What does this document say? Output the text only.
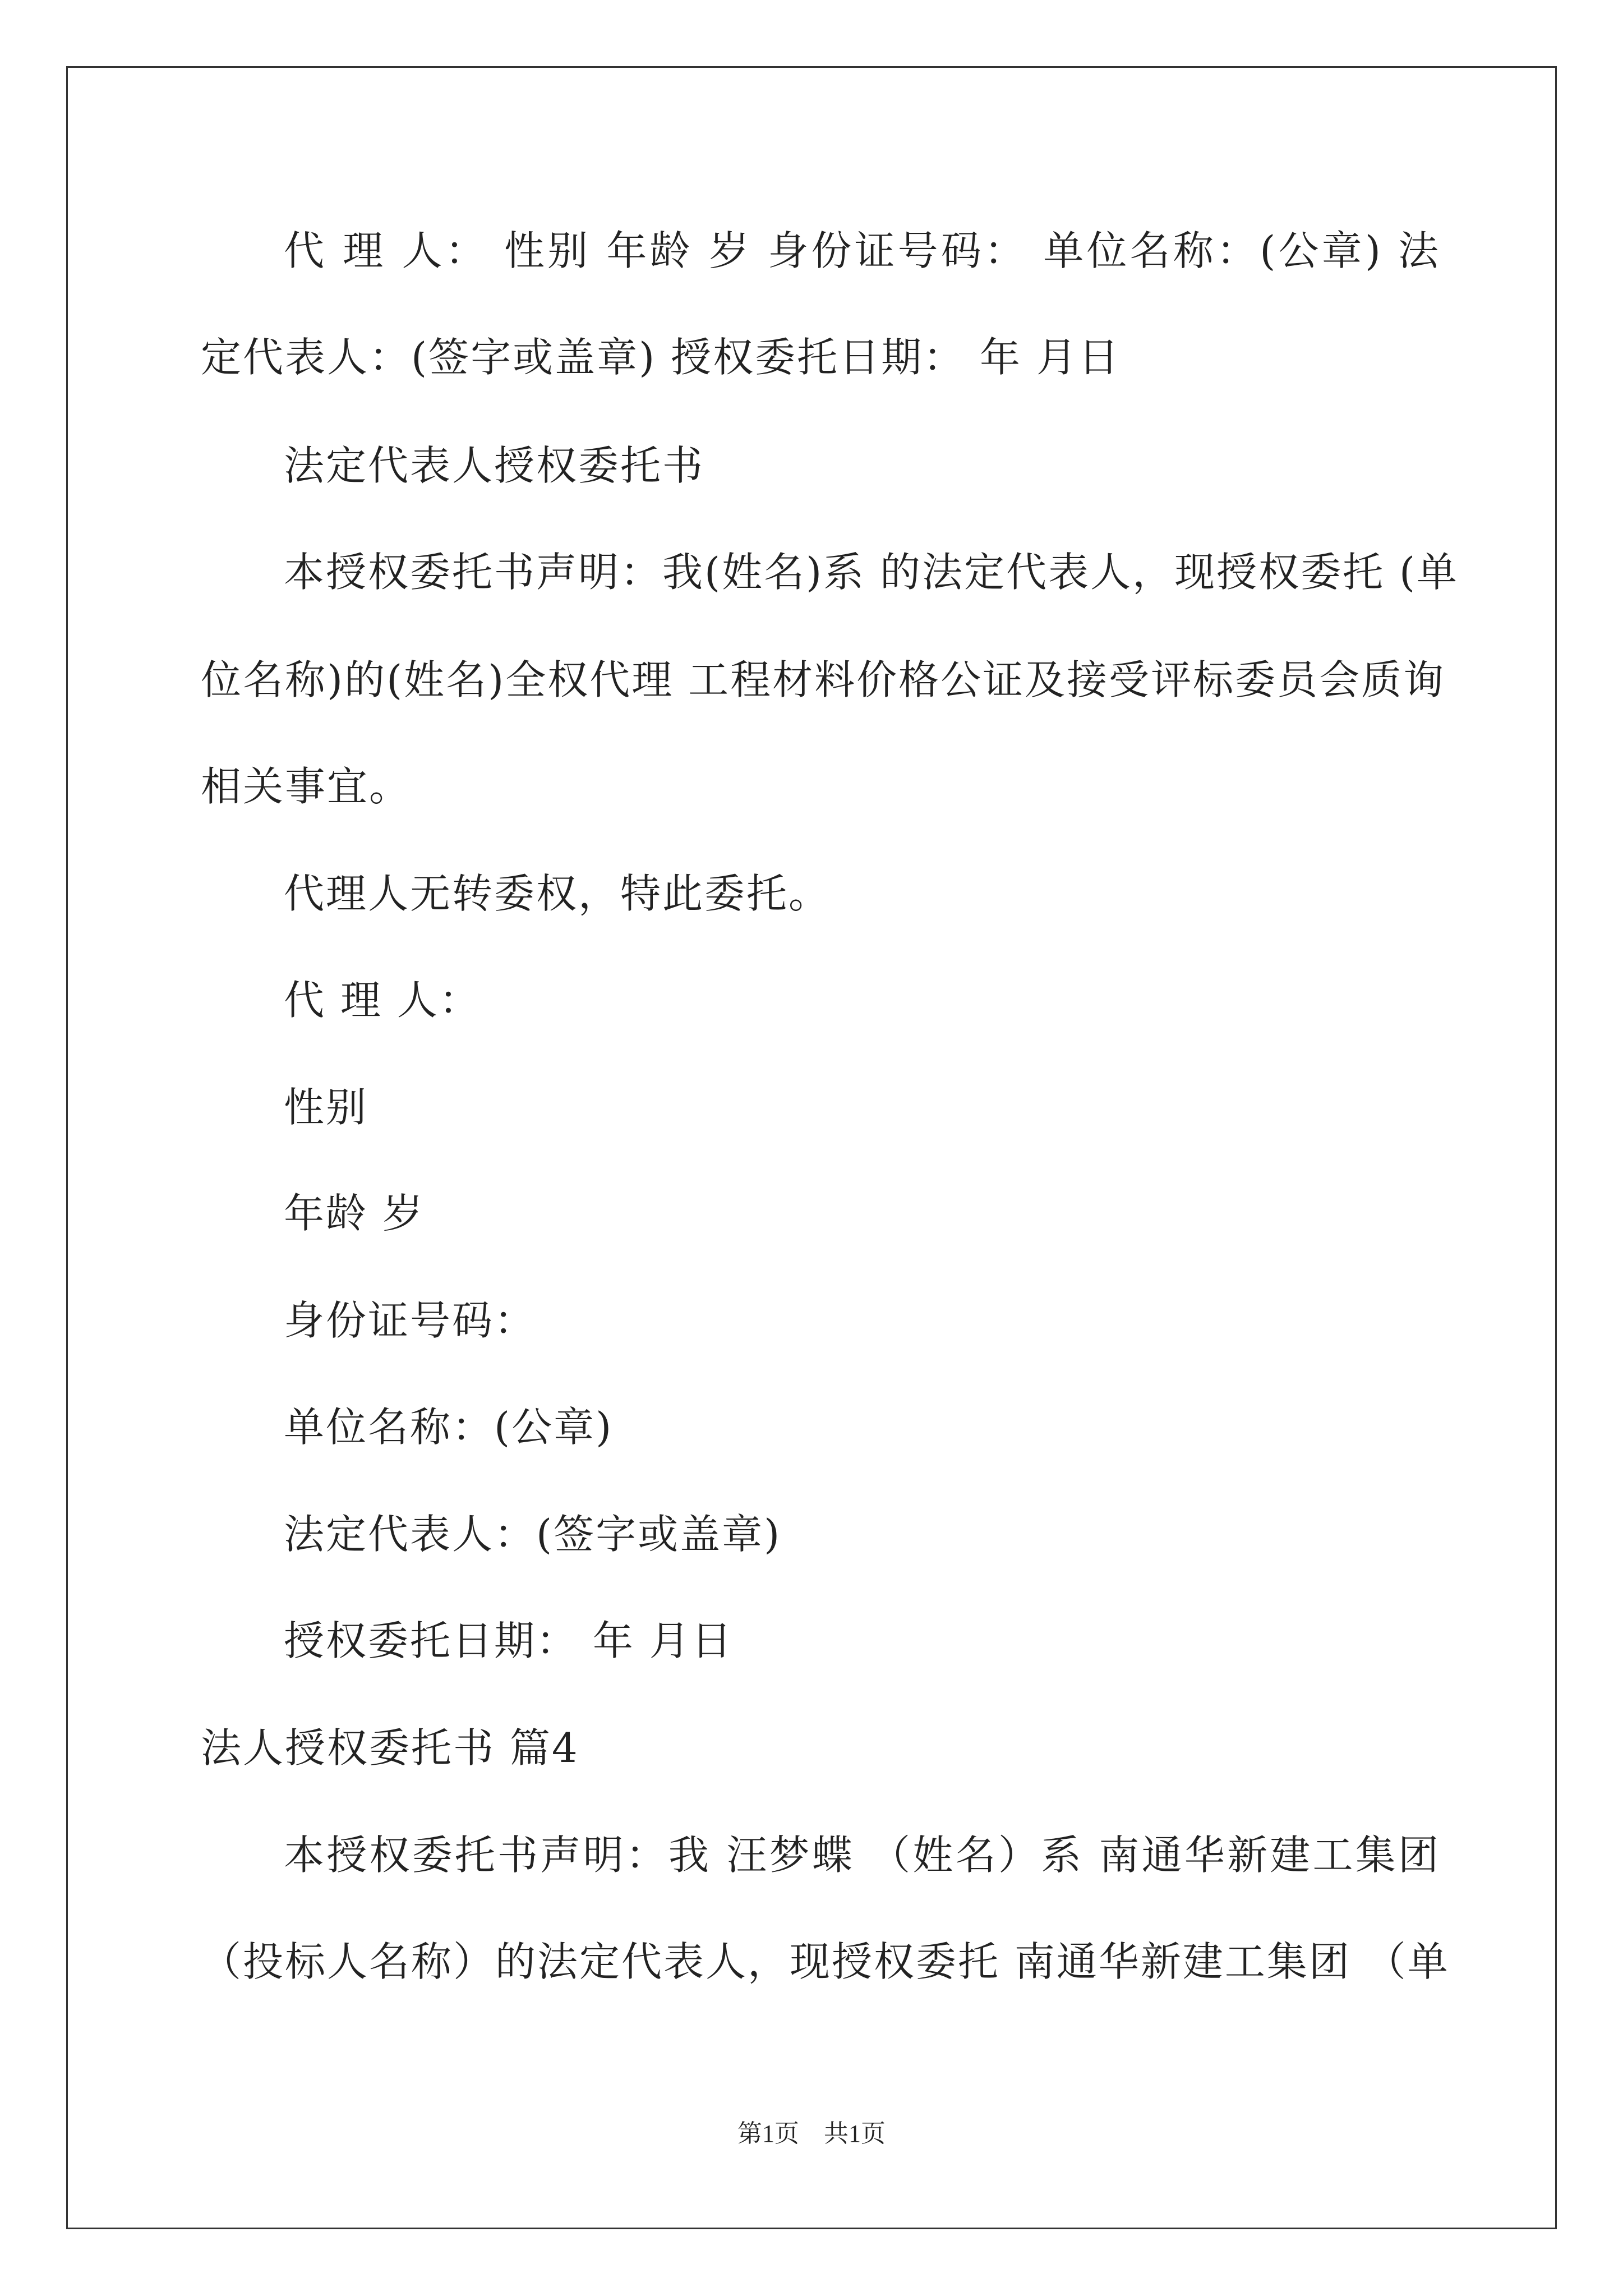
代 理 人： 性别 年龄 岁 身份证号码： 单位名称：(公章) 法
定代表人：(签字或盖章) 授权委托日期： 年 月日
法定代表人授权委托书
本授权委托书声明：我(姓名)系 的法定代表人，现授权委托 (单
位名称)的(姓名)全权代理 工程材料价格公证及接受评标委员会质询
相关事宜。
代理人无转委权，特此委托。
代 理 人：
性别
年龄 岁
身份证号码：
单位名称：(公章)
法定代表人：(签字或盖章)
授权委托日期： 年 月日
法人授权委托书 篇4
本授权委托书声明：我 汪梦蝶 （姓名）系 南通华新建工集团
（投标人名称）的法定代表人，现授权委托 南通华新建工集团 （单
第1页　共1页
